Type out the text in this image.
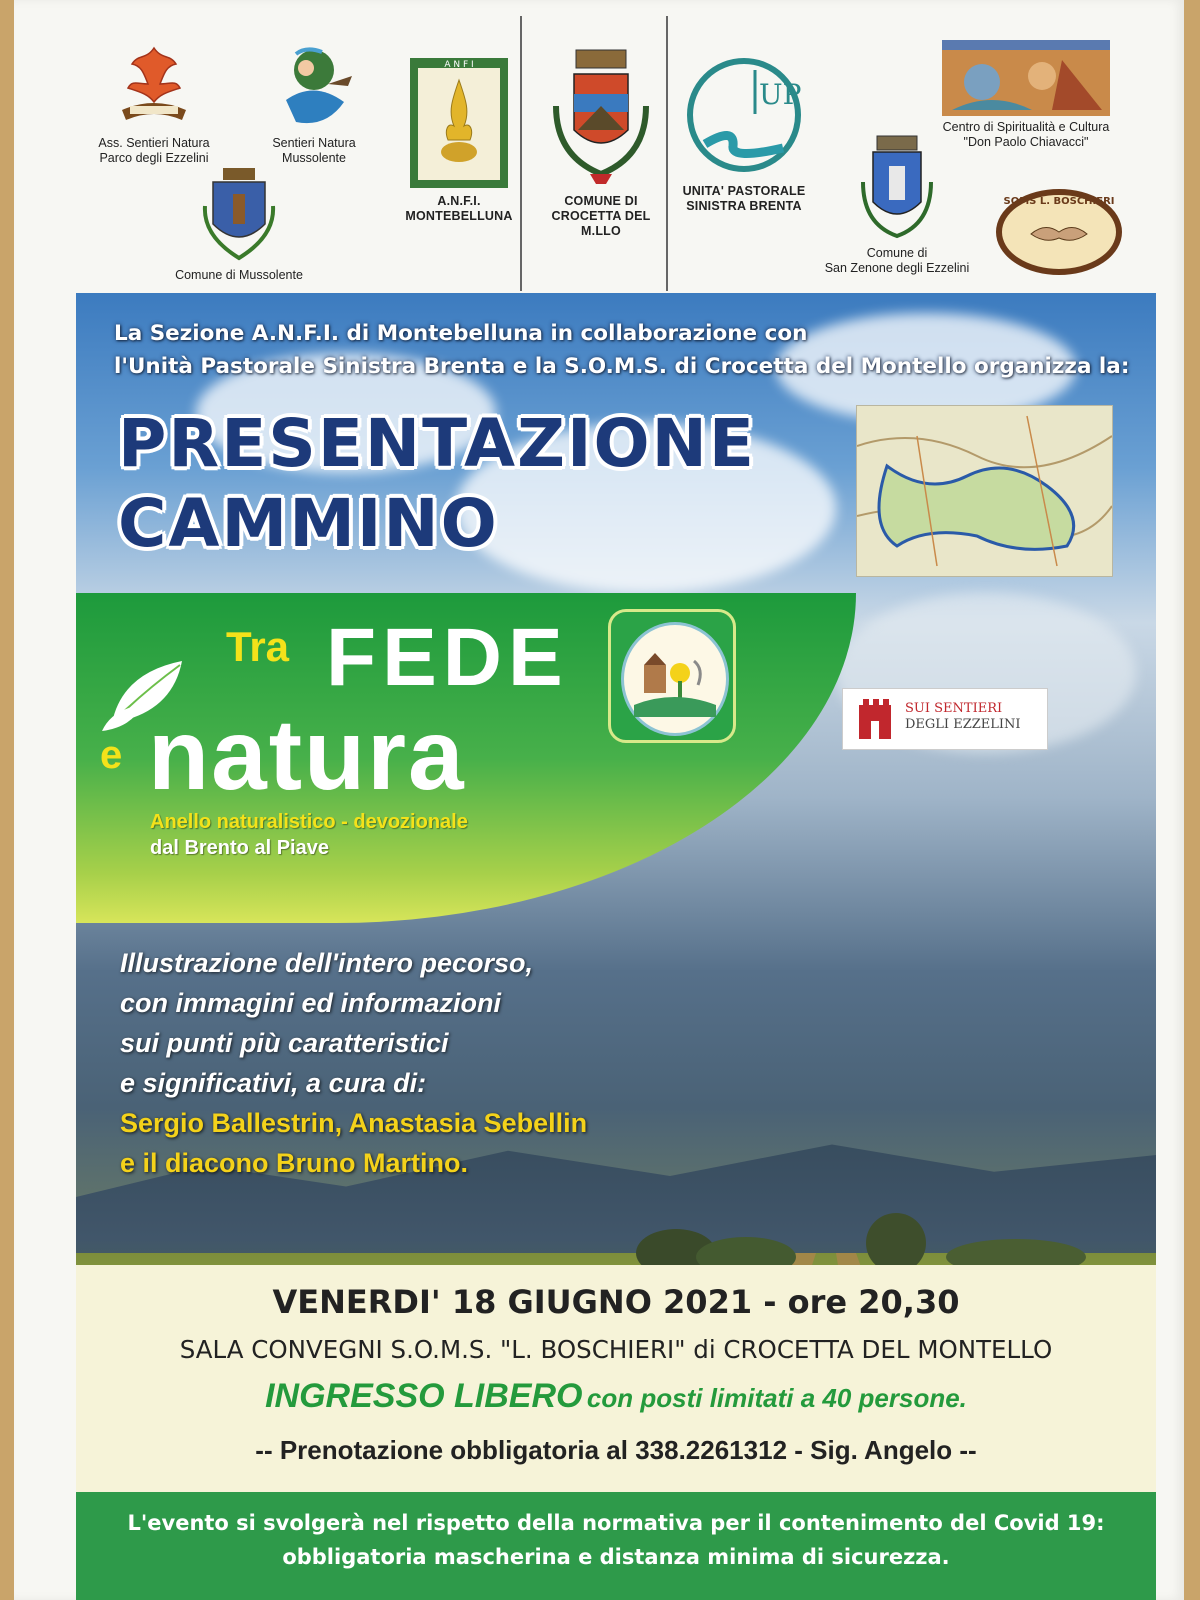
Ass. Sentieri Natura
Parco degli Ezzelini
Sentieri Natura
Mussolente
Comune di Mussolente
A N F I
A.N.F.I.
MONTEBELLUNA
COMUNE DI
CROCETTA DEL M.LLO
UP
UNITA' PASTORALE
SINISTRA BRENTA
Comune di
San Zenone degli Ezzelini
Centro di Spiritualità e Cultura
"Don Paolo Chiavacci"
SOMS L. BOSCHIERI
La Sezione A.N.F.I. di Montebelluna in collaborazione con
l'Unità Pastorale Sinistra Brenta e la S.O.M.S. di Crocetta del Montello organizza la:
PRESENTAZIONE
CAMMINO
Tra FEDE
e natura
Anello naturalistico - devozionale
dal Brento al Piave
SUI SENTIERI
DEGLI EZZELINI
Illustrazione dell'intero pecorso,
con immagini ed informazioni
sui punti più caratteristici
e significativi, a cura di:
Sergio Ballestrin, Anastasia Sebellin
e il diacono Bruno Martino.
VENERDI' 18 GIUGNO 2021 - ore 20,30
SALA CONVEGNI S.O.M.S. "L. BOSCHIERI" di CROCETTA DEL MONTELLO
INGRESSO LIBERO con posti limitati a 40 persone.
-- Prenotazione obbligatoria al 338.2261312 - Sig. Angelo --
L'evento si svolgerà nel rispetto della normativa per il contenimento del Covid 19:
obbligatoria mascherina e distanza minima di sicurezza.
